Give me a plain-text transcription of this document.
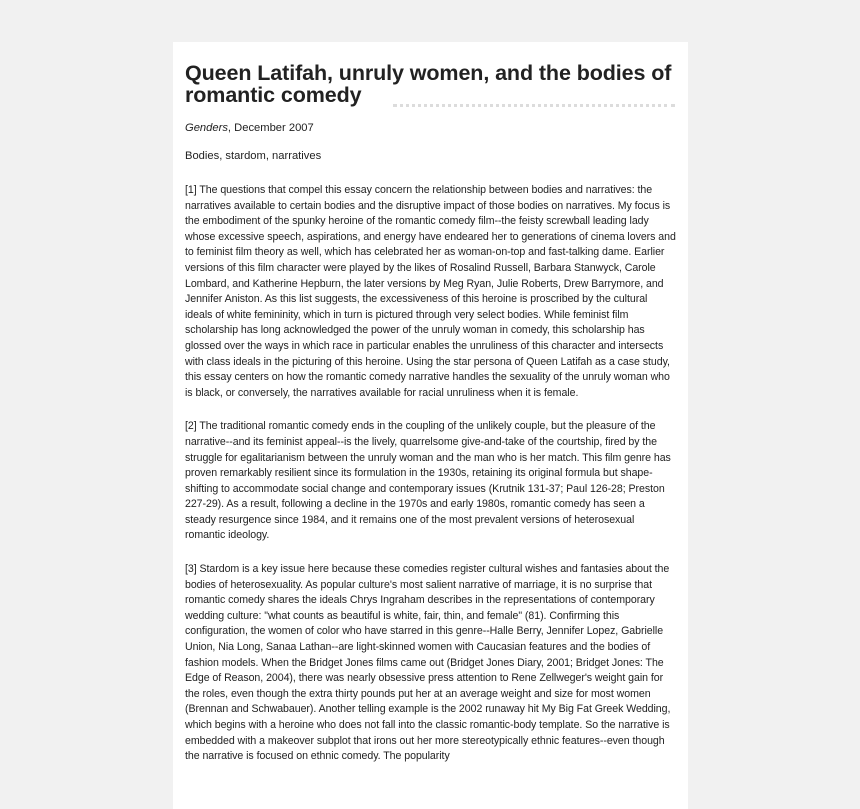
Queen Latifah, unruly women, and the bodies of romantic comedy
Genders, December 2007
Bodies, stardom, narratives

[1] The questions that compel this essay concern the relationship between bodies and narratives: the narratives available to certain bodies and the disruptive impact of those bodies on narratives. My focus is the embodiment of the spunky heroine of the romantic comedy film--the feisty screwball leading lady whose excessive speech, aspirations, and energy have endeared her to generations of cinema lovers and to feminist film theory as well, which has celebrated her as woman-on-top and fast-talking dame. Earlier versions of this film character were played by the likes of Rosalind Russell, Barbara Stanwyck, Carole Lombard, and Katherine Hepburn, the later versions by Meg Ryan, Julie Roberts, Drew Barrymore, and Jennifer Aniston. As this list suggests, the excessiveness of this heroine is proscribed by the cultural ideals of white femininity, which in turn is pictured through very select bodies. While feminist film scholarship has long acknowledged the power of the unruly woman in comedy, this scholarship has glossed over the ways in which race in particular enables the unruliness of this character and intersects with class ideals in the picturing of this heroine. Using the star persona of Queen Latifah as a case study, this essay centers on how the romantic comedy narrative handles the sexuality of the unruly woman who is black, or conversely, the narratives available for racial unruliness when it is female.

[2] The traditional romantic comedy ends in the coupling of the unlikely couple, but the pleasure of the narrative--and its feminist appeal--is the lively, quarrelsome give-and-take of the courtship, fired by the struggle for egalitarianism between the unruly woman and the man who is her match. This film genre has proven remarkably resilient since its formulation in the 1930s, retaining its original formula but shape-shifting to accommodate social change and contemporary issues (Krutnik 131-37; Paul 126-28; Preston 227-29). As a result, following a decline in the 1970s and early 1980s, romantic comedy has seen a steady resurgence since 1984, and it remains one of the most prevalent versions of heterosexual romantic ideology.

[3] Stardom is a key issue here because these comedies register cultural wishes and fantasies about the bodies of heterosexuality. As popular culture's most salient narrative of marriage, it is no surprise that romantic comedy shares the ideals Chrys Ingraham describes in the representations of contemporary wedding culture: "what counts as beautiful is white, fair, thin, and female" (81). Confirming this configuration, the women of color who have starred in this genre--Halle Berry, Jennifer Lopez, Gabrielle Union, Nia Long, Sanaa Lathan--are light-skinned women with Caucasian features and the bodies of fashion models. When the Bridget Jones films came out (Bridget Jones Diary, 2001; Bridget Jones: The Edge of Reason, 2004), there was nearly obsessive press attention to Rene Zellweger's weight gain for the roles, even though the extra thirty pounds put her at an average weight and size for most women (Brennan and Schwabauer). Another telling example is the 2002 runaway hit My Big Fat Greek Wedding, which begins with a heroine who does not fall into the classic romantic-body template. So the narrative is embedded with a makeover subplot that irons out her more stereotypically ethnic features--even though the narrative is focused on ethnic comedy. The popularity
